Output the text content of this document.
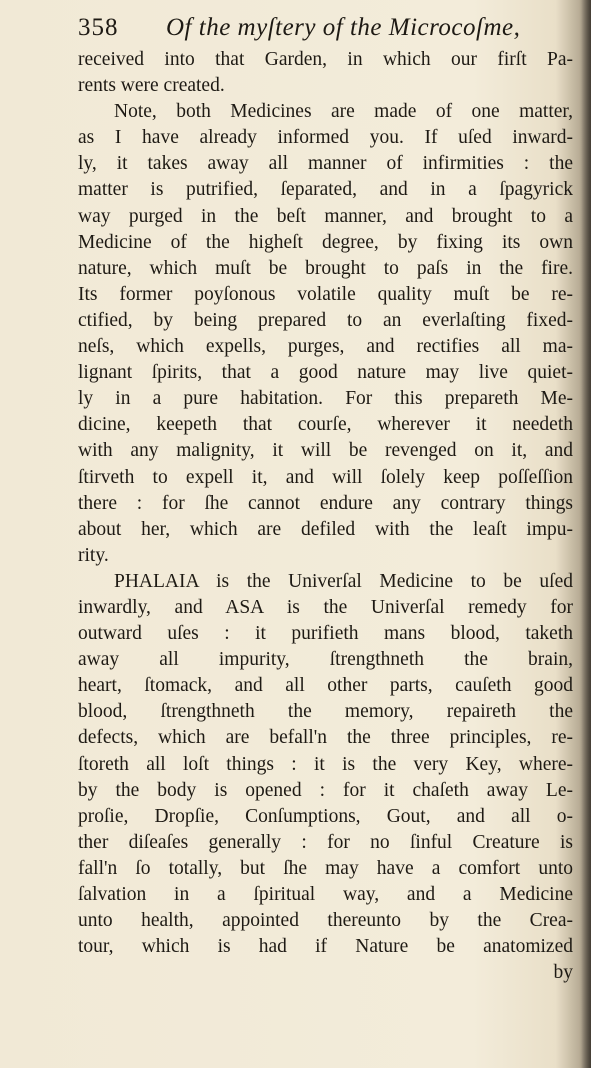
358 Of the myſtery of the Microcoſme,
received into that Garden, in which our firſt Pa-
rents were created.
Note, both Medicines are made of one matter,
as I have already informed you. If uſed inward-
ly, it takes away all manner of infirmities : the
matter is putrified, ſeparated, and in a ſpagyrick
way purged in the beſt manner, and brought to a
Medicine of the higheſt degree, by fixing its own
nature, which muſt be brought to paſs in the fire.
Its former poyſonous volatile quality muſt be re-
ctified, by being prepared to an everlaſting fixed-
neſs, which expells, purges, and rectifies all ma-
lignant ſpirits, that a good nature may live quiet-
ly in a pure habitation. For this prepareth Me-
dicine, keepeth that courſe, wherever it needeth
with any malignity, it will be revenged on it, and
ſtirveth to expell it, and will ſolely keep poſſeſſion
there : for ſhe cannot endure any contrary things
about her, which are defiled with the leaſt impu-
rity.
PHALAIA is the Univerſal Medicine to be uſed
inwardly, and ASA is the Univerſal remedy for
outward uſes : it purifieth mans blood, taketh
away all impurity, ſtrengthneth the brain,
heart, ſtomack, and all other parts, cauſeth good
blood, ſtrengthneth the memory, repaireth the
defects, which are befall'n the three principles, re-
ſtoreth all loſt things : it is the very Key, where-
by the body is opened : for it chaſeth away Le-
proſie, Dropſie, Conſumptions, Gout, and all o-
ther diſeaſes generally : for no ſinful Creature is
fall'n ſo totally, but ſhe may have a comfort unto
ſalvation in a ſpiritual way, and a Medicine
unto health, appointed thereunto by the Crea-
tour, which is had if Nature be anatomized
by
